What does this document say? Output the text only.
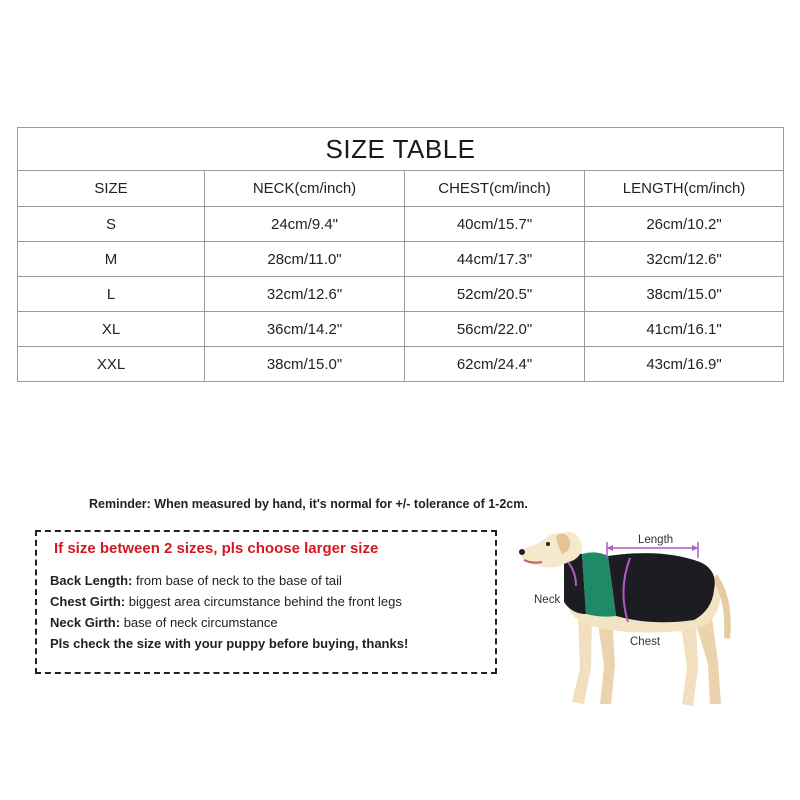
SIZE TABLE			
SIZE	NECK(cm/inch)	CHEST(cm/inch)	LENGTH(cm/inch)
S	24cm/9.4"	40cm/15.7"	26cm/10.2"
M	28cm/11.0"	44cm/17.3"	32cm/12.6"
L	32cm/12.6"	52cm/20.5"	38cm/15.0"
XL	36cm/14.2"	56cm/22.0"	41cm/16.1"
XXL	38cm/15.0"	62cm/24.4"	43cm/16.9"
Reminder: When measured by hand, it's normal for +/- tolerance of 1-2cm.
If size between 2 sizes, pls choose larger size
Back Length: from base of neck to the base of tail
Chest Girth: biggest area circumstance behind the front legs
Neck Girth: base of neck circumstance
Pls check the size with your puppy before buying, thanks!
Length
Neck
Chest
